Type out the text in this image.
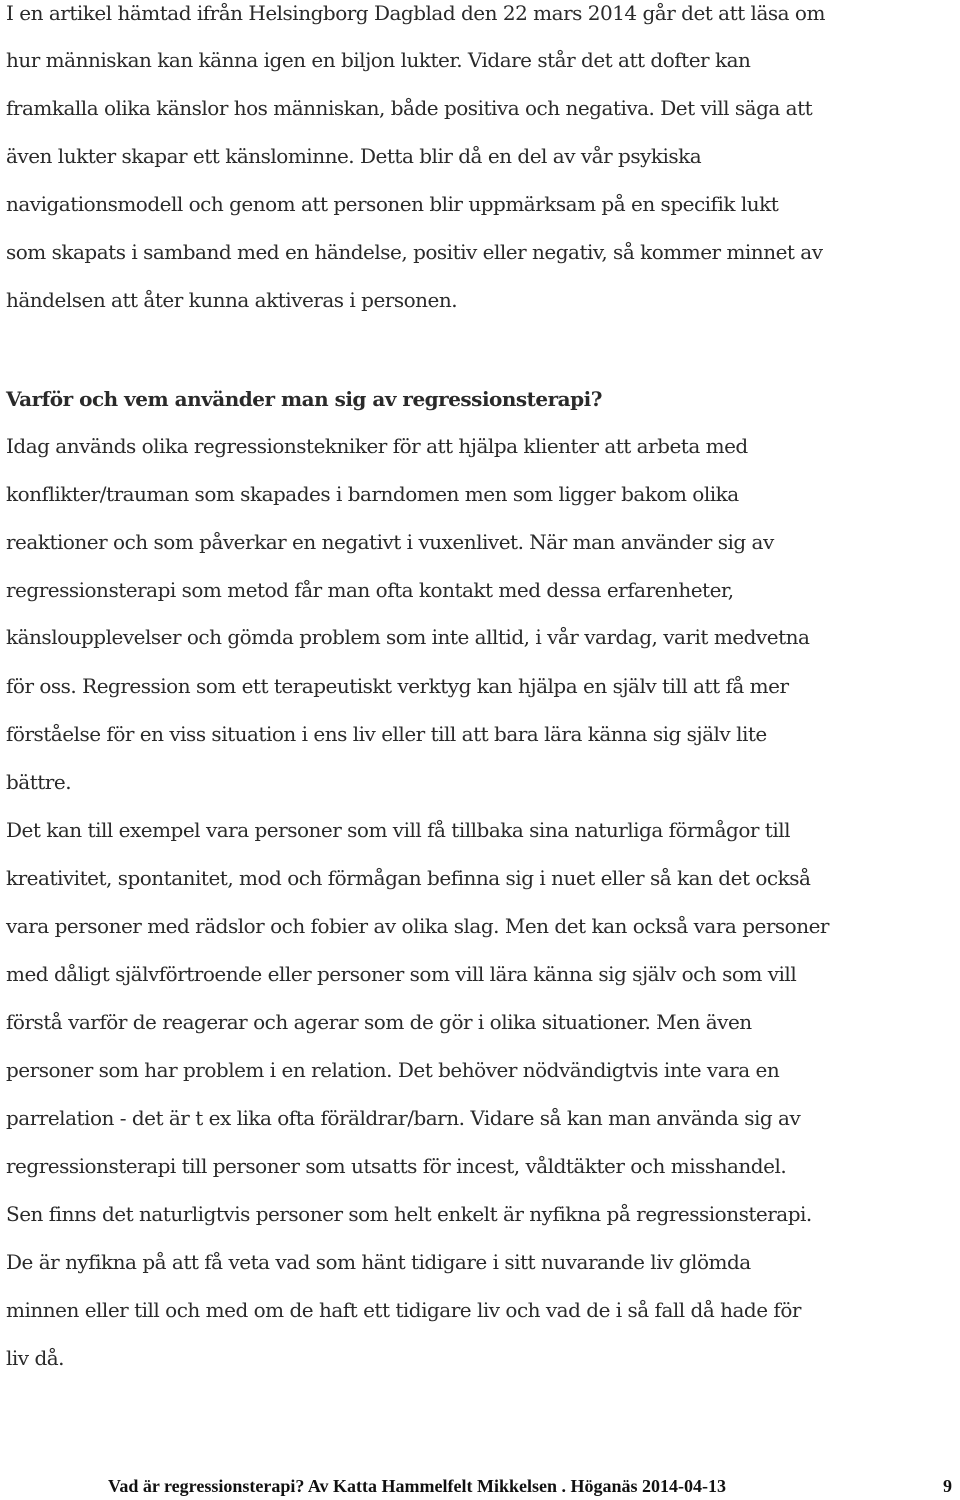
I en artikel hämtad ifrån Helsingborg Dagblad den 22 mars 2014 går det att läsa om
hur människan kan känna igen en biljon lukter. Vidare står det att dofter kan
framkalla olika känslor hos människan, både positiva och negativa. Det vill säga att
även lukter skapar ett känslominne. Detta blir då en del av vår psykiska
navigationsmodell och genom att personen blir uppmärksam på en specifik lukt
som skapats i samband med en händelse, positiv eller negativ, så kommer minnet av
händelsen att åter kunna aktiveras i personen.
Varför och vem använder man sig av regressionsterapi?
Idag används olika regressionstekniker för att hjälpa klienter att arbeta med
konflikter/trauman som skapades i barndomen men som ligger bakom olika
reaktioner och som påverkar en negativt i vuxenlivet. När man använder sig av
regressionsterapi som metod får man ofta kontakt med dessa erfarenheter,
känsloupplevelser och gömda problem som inte alltid, i vår vardag, varit medvetna
för oss. Regression som ett terapeutiskt verktyg kan hjälpa en själv till att få mer
förståelse för en viss situation i ens liv eller till att bara lära känna sig själv lite
bättre.
Det kan till exempel vara personer som vill få tillbaka sina naturliga förmågor till
kreativitet, spontanitet, mod och förmågan befinna sig i nuet eller så kan det också
vara personer med rädslor och fobier av olika slag. Men det kan också vara personer
med dåligt självförtroende eller personer som vill lära känna sig själv och som vill
förstå varför de reagerar och agerar som de gör i olika situationer. Men även
personer som har problem i en relation. Det behöver nödvändigtvis inte vara en
parrelation - det är t ex lika ofta föräldrar/barn. Vidare så kan man använda sig av
regressionsterapi till personer som utsatts för incest, våldtäkter och misshandel.
Sen finns det naturligtvis personer som helt enkelt är nyfikna på regressionsterapi.
De är nyfikna på att få veta vad som hänt tidigare i sitt nuvarande liv glömda
minnen eller till och med om de haft ett tidigare liv och vad de i så fall då hade för
liv då.
Vad är regressionsterapi? Av Katta Hammelfelt Mikkelsen . Höganäs 2014-04-13	9
